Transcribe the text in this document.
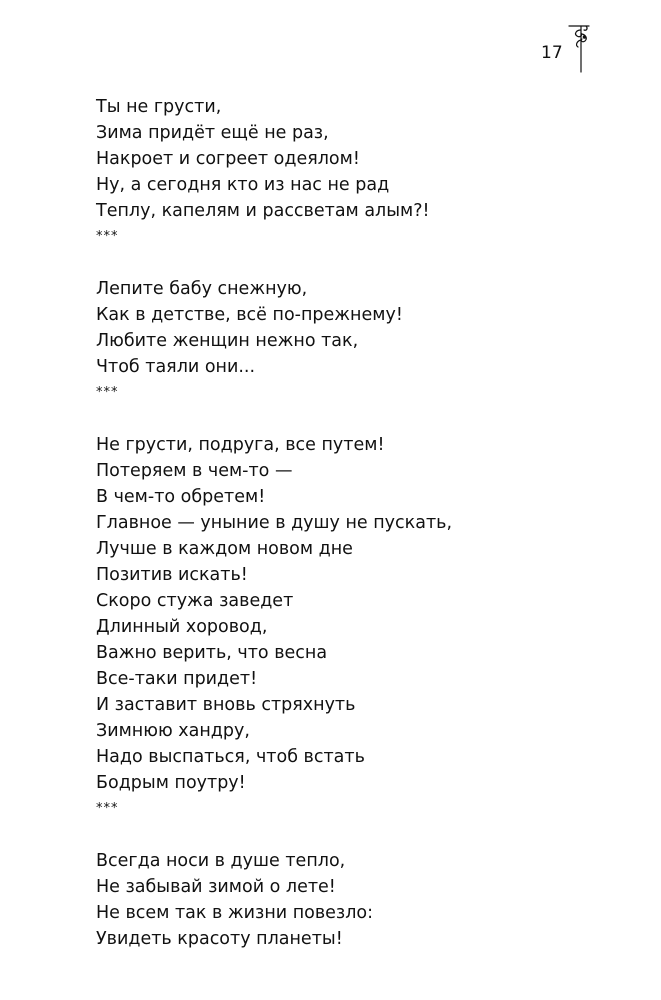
17
Ты не грусти,
Зима придёт ещё не раз,
Накроет и согреет одеялом!
Ну, а сегодня кто из нас не рад
Теплу, капелям и рассветам алым?!
***
Лепите бабу снежную,
Как в детстве, всё по-прежнему!
Любите женщин нежно так,
Чтоб таяли они...
***
Не грусти, подруга, все путем!
Потеряем в чем-то —
В чем-то обретем!
Главное — уныние в душу не пускать,
Лучше в каждом новом дне
Позитив искать!
Скоро стужа заведет
Длинный хоровод,
Важно верить, что весна
Все-таки придет!
И заставит вновь стряхнуть
Зимнюю хандру,
Надо выспаться, чтоб встать
Бодрым поутру!
***
Всегда носи в душе тепло,
Не забывай зимой о лете!
Не всем так в жизни повезло:
Увидеть красоту планеты!
